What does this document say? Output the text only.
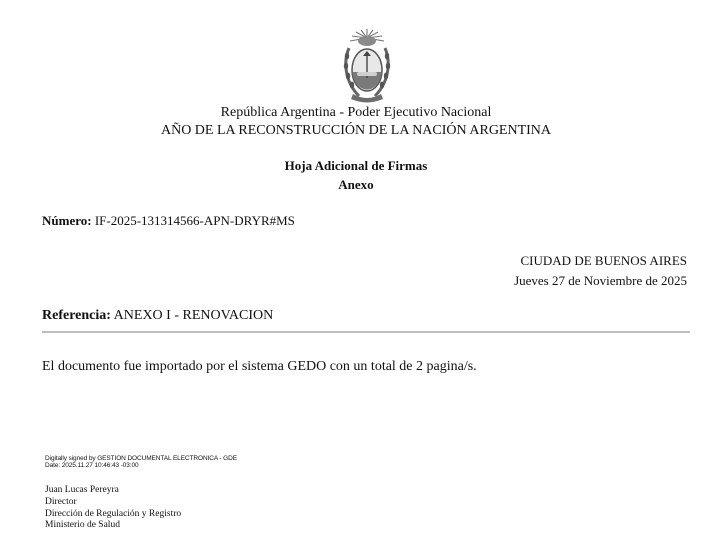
República Argentina - Poder Ejecutivo Nacional
AÑO DE LA RECONSTRUCCIÓN DE LA NACIÓN ARGENTINA
Hoja Adicional de Firmas
Anexo
Número: IF-2025-131314566-APN-DRYR#MS
CIUDAD DE BUENOS AIRES
Jueves 27 de Noviembre de 2025
Referencia: ANEXO I - RENOVACION
El documento fue importado por el sistema GEDO con un total de 2 pagina/s.
Digitally signed by GESTION DOCUMENTAL ELECTRONICA - GDE
Date: 2025.11.27 10:46:43 -03:00
Juan Lucas Pereyra
Director
Dirección de Regulación y Registro
Ministerio de Salud
